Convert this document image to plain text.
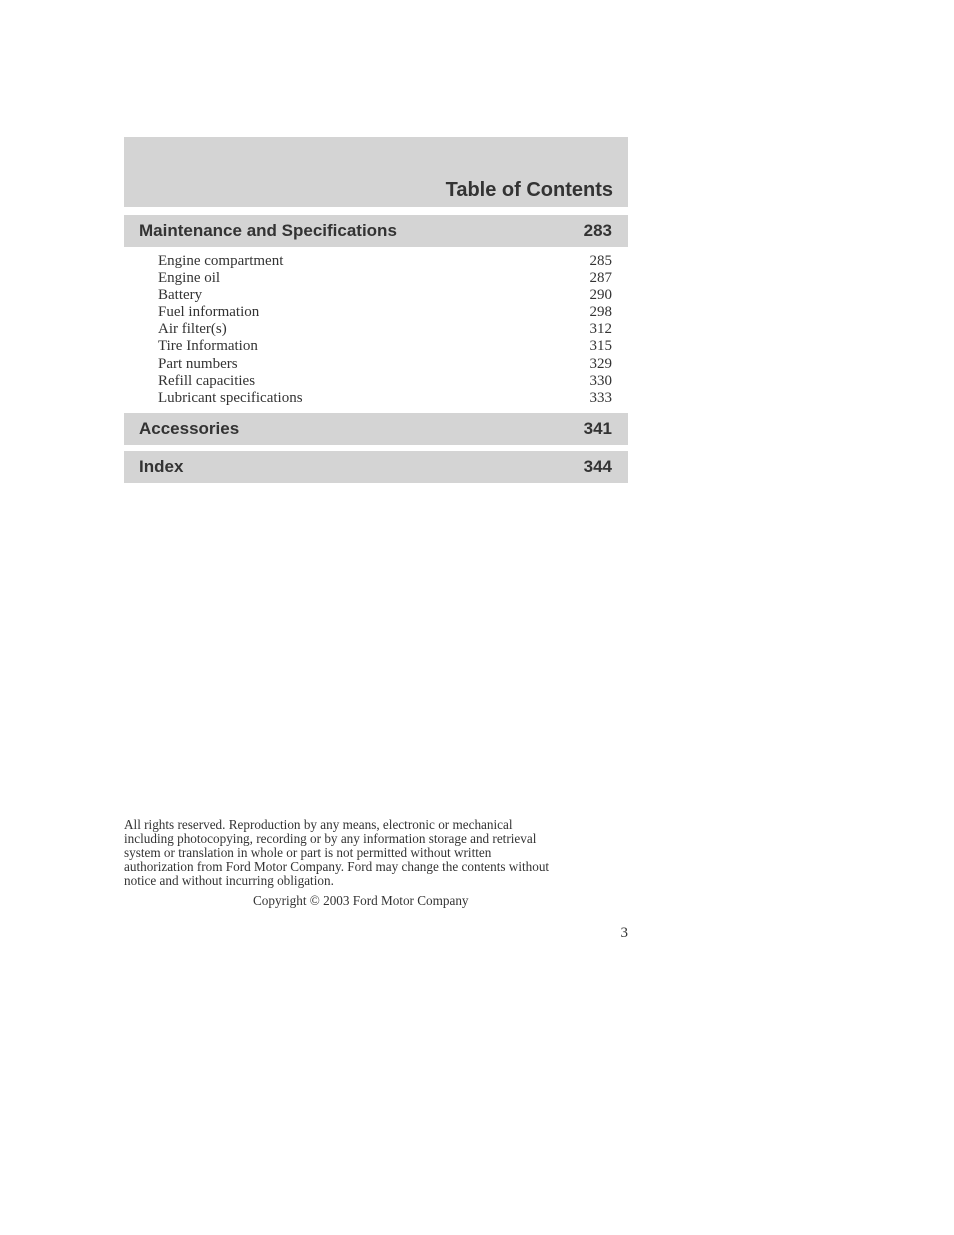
Table of Contents
Maintenance and Specifications	283
Engine compartment	285
Engine oil	287
Battery	290
Fuel information	298
Air filter(s)	312
Tire Information	315
Part numbers	329
Refill capacities	330
Lubricant specifications	333
Accessories	341
Index	344
All rights reserved. Reproduction by any means, electronic or mechanical
including photocopying, recording or by any information storage and retrieval
system or translation in whole or part is not permitted without written
authorization from Ford Motor Company. Ford may change the contents without
notice and without incurring obligation.
Copyright © 2003 Ford Motor Company
3
